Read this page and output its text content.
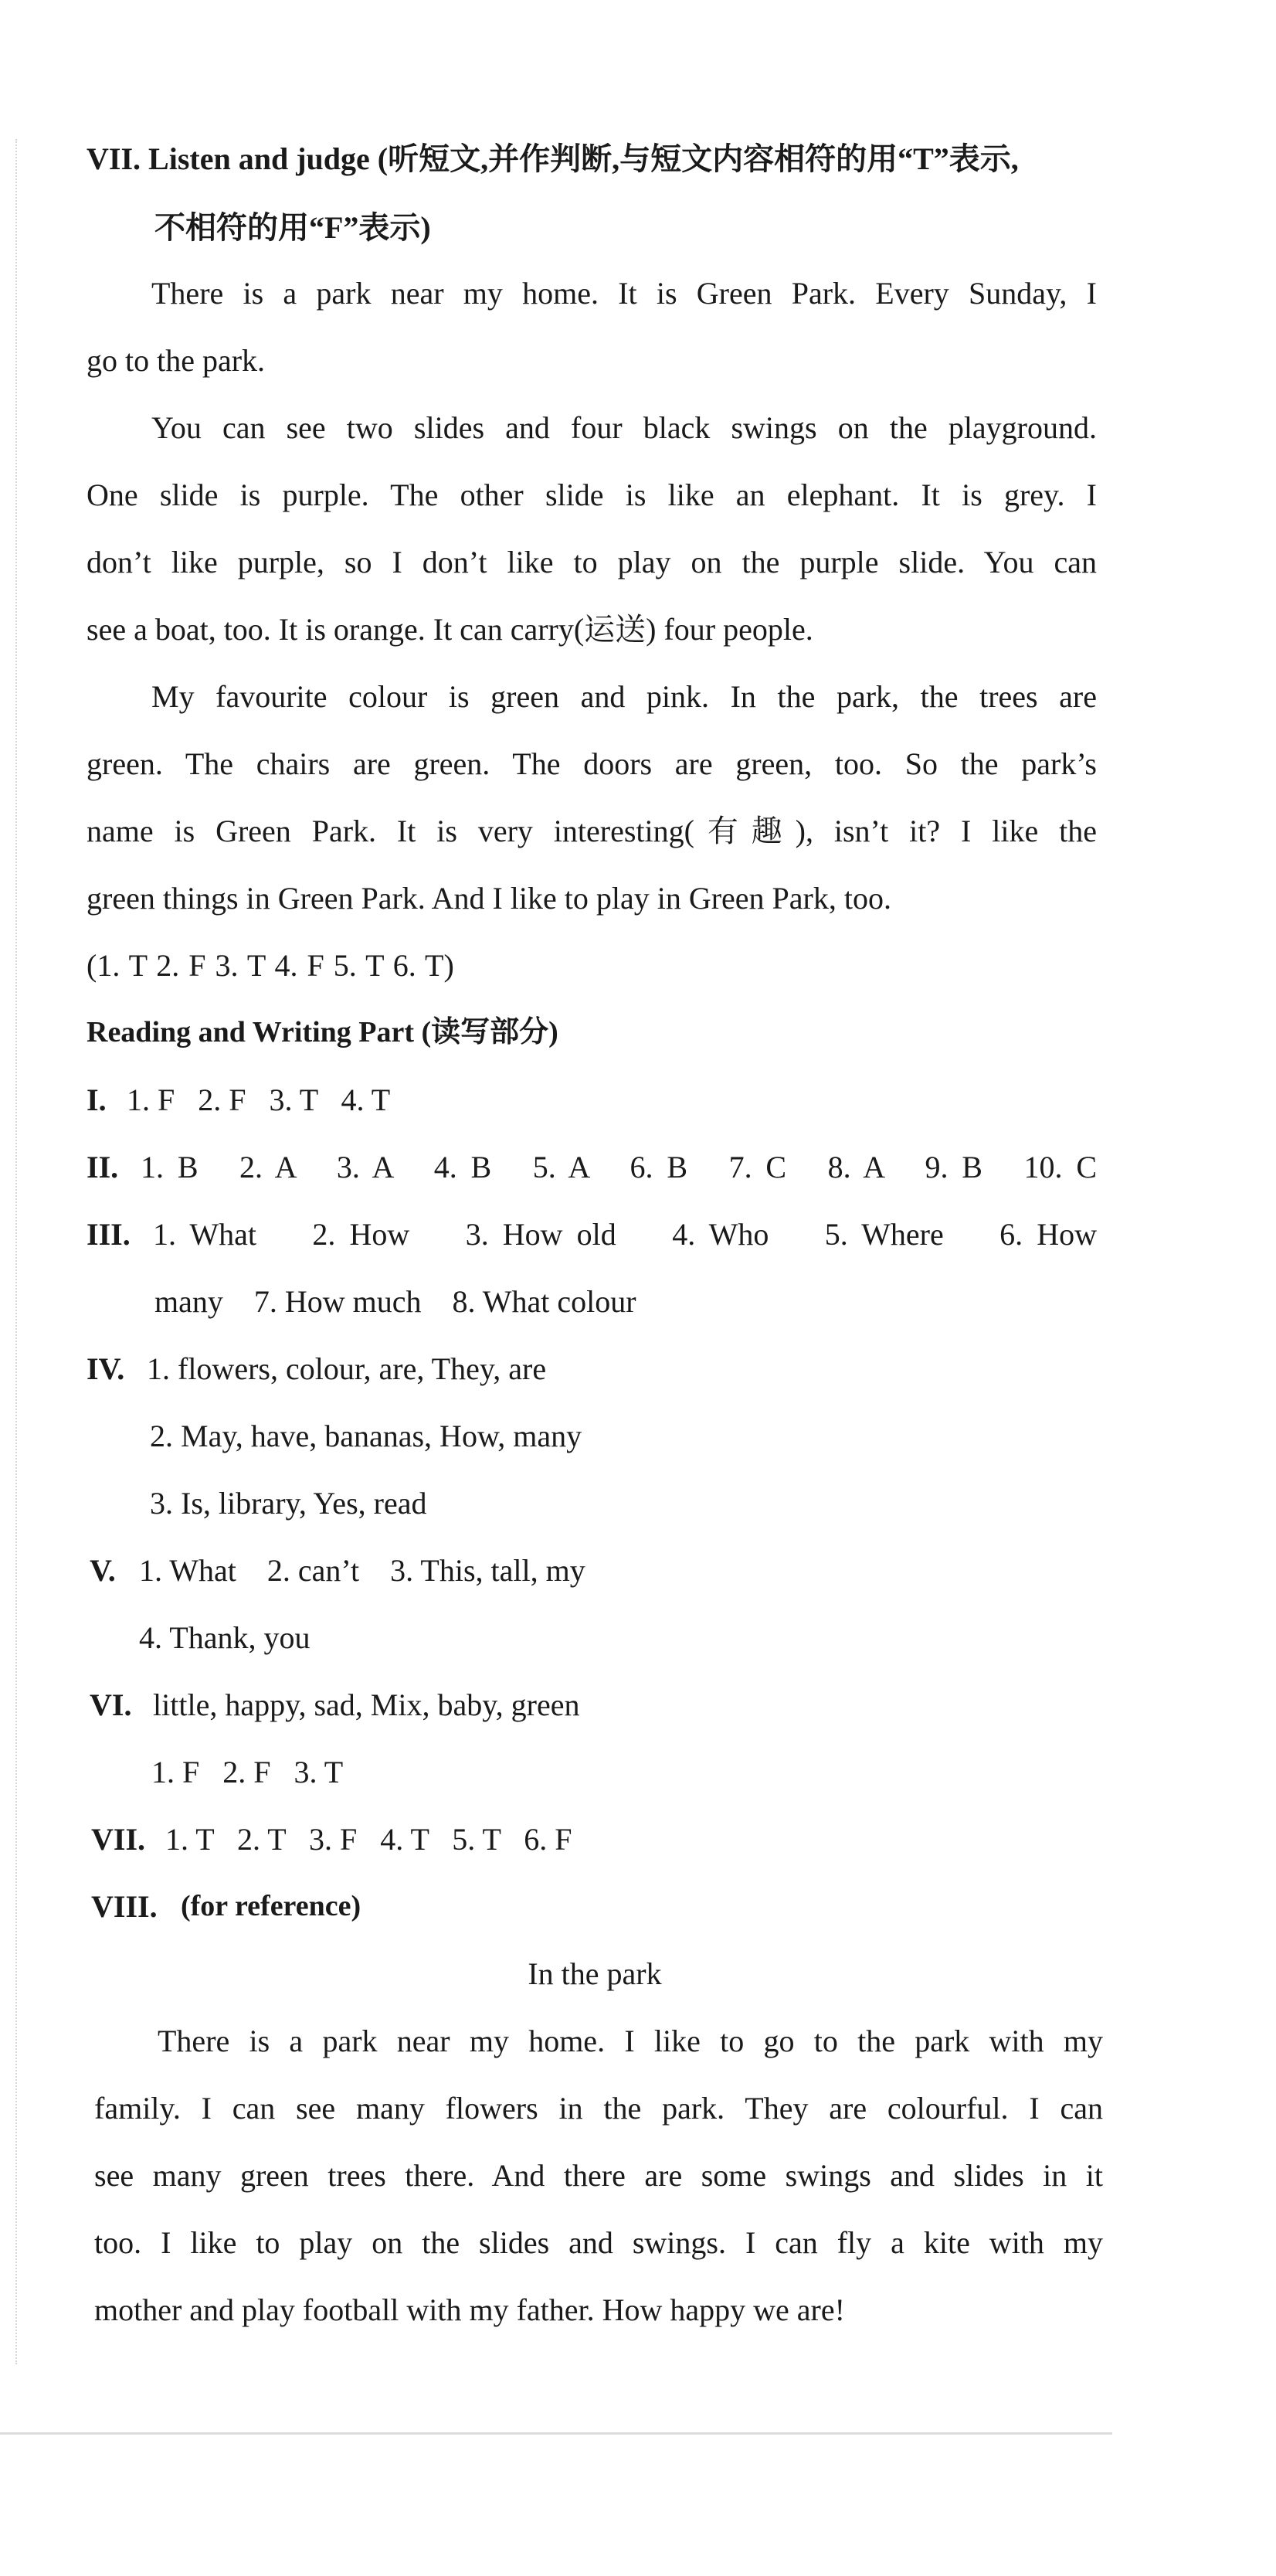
VII. Listen and judge (听短文,并作判断,与短文内容相符的用“T”表示,
不相符的用“F”表示)
There is a park near my home. It is Green Park. Every Sunday, I
go to the park.
You can see two slides and four black swings on the playground.
One slide is purple. The other slide is like an elephant. It is grey. I
don’t like purple, so I don’t like to play on the purple slide. You can
see a boat, too. It is orange. It can carry(运送) four people.
My favourite colour is green and pink. In the park, the trees are
green. The chairs are green. The doors are green, too. So the park’s
name is Green Park. It is very interesting(有趣), isn’t it? I like the
green things in Green Park. And I like to play in Green Park, too.
(1. T 2. F 3. T 4. F 5. T 6. T)
Reading and Writing Part (读写部分)
I. 1. F   2. F   3. T   4. T
II. 1. B   2. A   3. A   4. B   5. A   6. B   7. C   8. A   9. B   10. C
III. 1. What    2. How    3. How old    4. Who    5. Where    6. How
many    7. How much    8. What colour
IV. 1. flowers, colour, are, They, are
2. May, have, bananas, How, many
3. Is, library, Yes, read
V. 1. What    2. can’t    3. This, tall, my
4. Thank, you
VI. little, happy, sad, Mix, baby, green
1. F   2. F   3. T
VII. 1. T   2. T   3. F   4. T   5. T   6. F
VIII. (for reference)
In the park
There is a park near my home. I like to go to the park with my
family. I can see many flowers in the park. They are colourful. I can
see many green trees there. And there are some swings and slides in it
too. I like to play on the slides and swings. I can fly a kite with my
mother and play football with my father. How happy we are!
